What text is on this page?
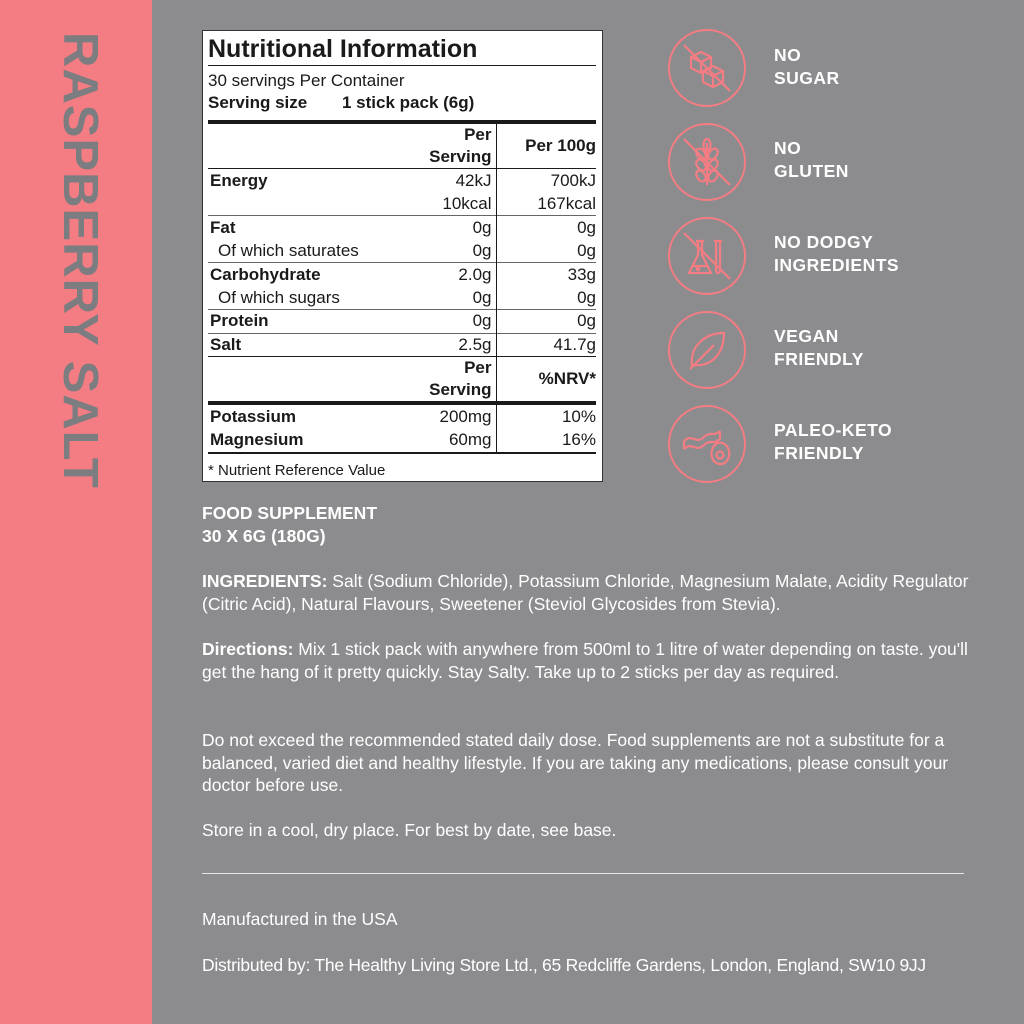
RASPBERRY SALT	Nutritional Information
30 servings Per Container
Serving size	1 stick pack (6g)
	Per Serving	Per 100g
Energy	42kJ	700kJ
	10kcal	167kcal
Fat	0g	0g
Of which saturates	0g	0g
Carbohydrate	2.0g	33g
Of which sugars	0g	0g
Protein	0g	0g
Salt	2.5g	41.7g
	Per Serving	%NRV*
Potassium	200mg	10%
Magnesium	60mg	16%
* Nutrient Reference Value
NO
SUGAR
NO
GLUTEN
NO DODGY
INGREDIENTS
VEGAN
FRIENDLY
PALEO-KETO
FRIENDLY
FOOD SUPPLEMENT
30 X 6G (180G)
INGREDIENTS: Salt (Sodium Chloride), Potassium Chloride, Magnesium Malate, Acidity Regulator (Citric Acid), Natural Flavours, Sweetener (Steviol Glycosides from Stevia).
Directions: Mix 1 stick pack with anywhere from 500ml to 1 litre of water depending on taste. you'll get the hang of it pretty quickly. Stay Salty. Take up to 2 sticks per day as required.
Do not exceed the recommended stated daily dose. Food supplements are not a substitute for a balanced, varied diet and healthy lifestyle. If you are taking any medications, please consult your doctor before use.
Store in a cool, dry place. For best by date, see base.
Manufactured in the USA
Distributed by: The Healthy Living Store Ltd., 65 Redcliffe Gardens, London, England, SW10 9JJ
